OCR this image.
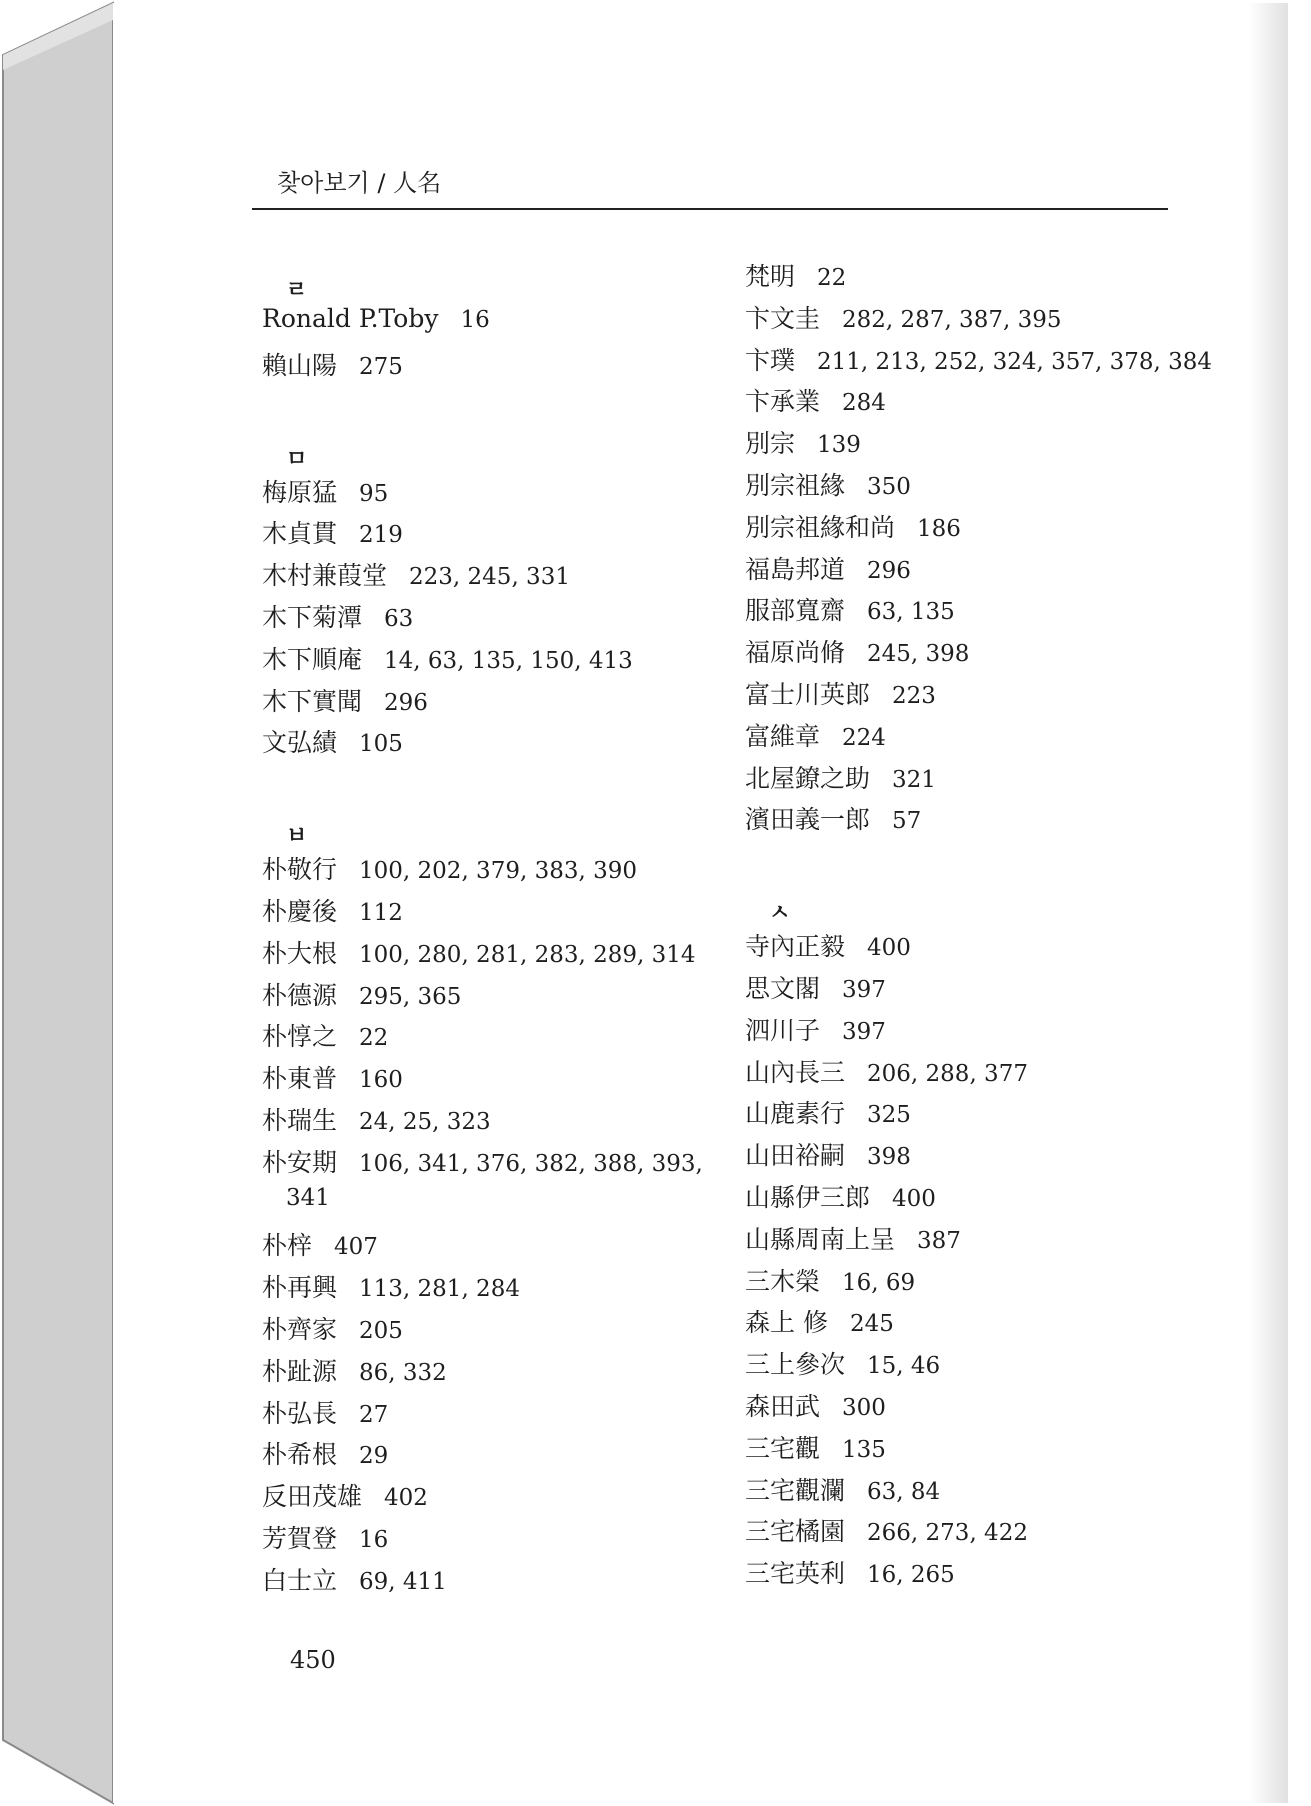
찾아보기 / 人名
ㄹ
Ronald P.Toby 16
賴山陽 275
ㅁ
梅原猛 95
木貞貫 219
木村兼葭堂 223, 245, 331
木下菊潭 63
木下順庵 14, 63, 135, 150, 413
木下實聞 296
文弘績 105
ㅂ
朴敬行 100, 202, 379, 383, 390
朴慶後 112
朴大根 100, 280, 281, 283, 289, 314
朴德源 295, 365
朴惇之 22
朴東普 160
朴瑞生 24, 25, 323
朴安期 106, 341, 376, 382, 388, 393,
341
朴梓 407
朴再興 113, 281, 284
朴齊家 205
朴趾源 86, 332
朴弘長 27
朴希根 29
反田茂雄 402
芳賀登 16
白士立 69, 411
梵明 22
卞文圭 282, 287, 387, 395
卞璞 211, 213, 252, 324, 357, 378, 384
卞承業 284
別宗 139
別宗祖緣 350
別宗祖緣和尚 186
福島邦道 296
服部寬齋 63, 135
福原尚脩 245, 398
富士川英郎 223
富維章 224
北屋鐐之助 321
濱田義一郎 57
ㅅ
寺內正毅 400
思文閣 397
泗川子 397
山內長三 206, 288, 377
山鹿素行 325
山田裕嗣 398
山縣伊三郎 400
山縣周南上呈 387
三木榮 16, 69
森上 修 245
三上參次 15, 46
森田武 300
三宅觀 135
三宅觀瀾 63, 84
三宅橘園 266, 273, 422
三宅英利 16, 265
450
